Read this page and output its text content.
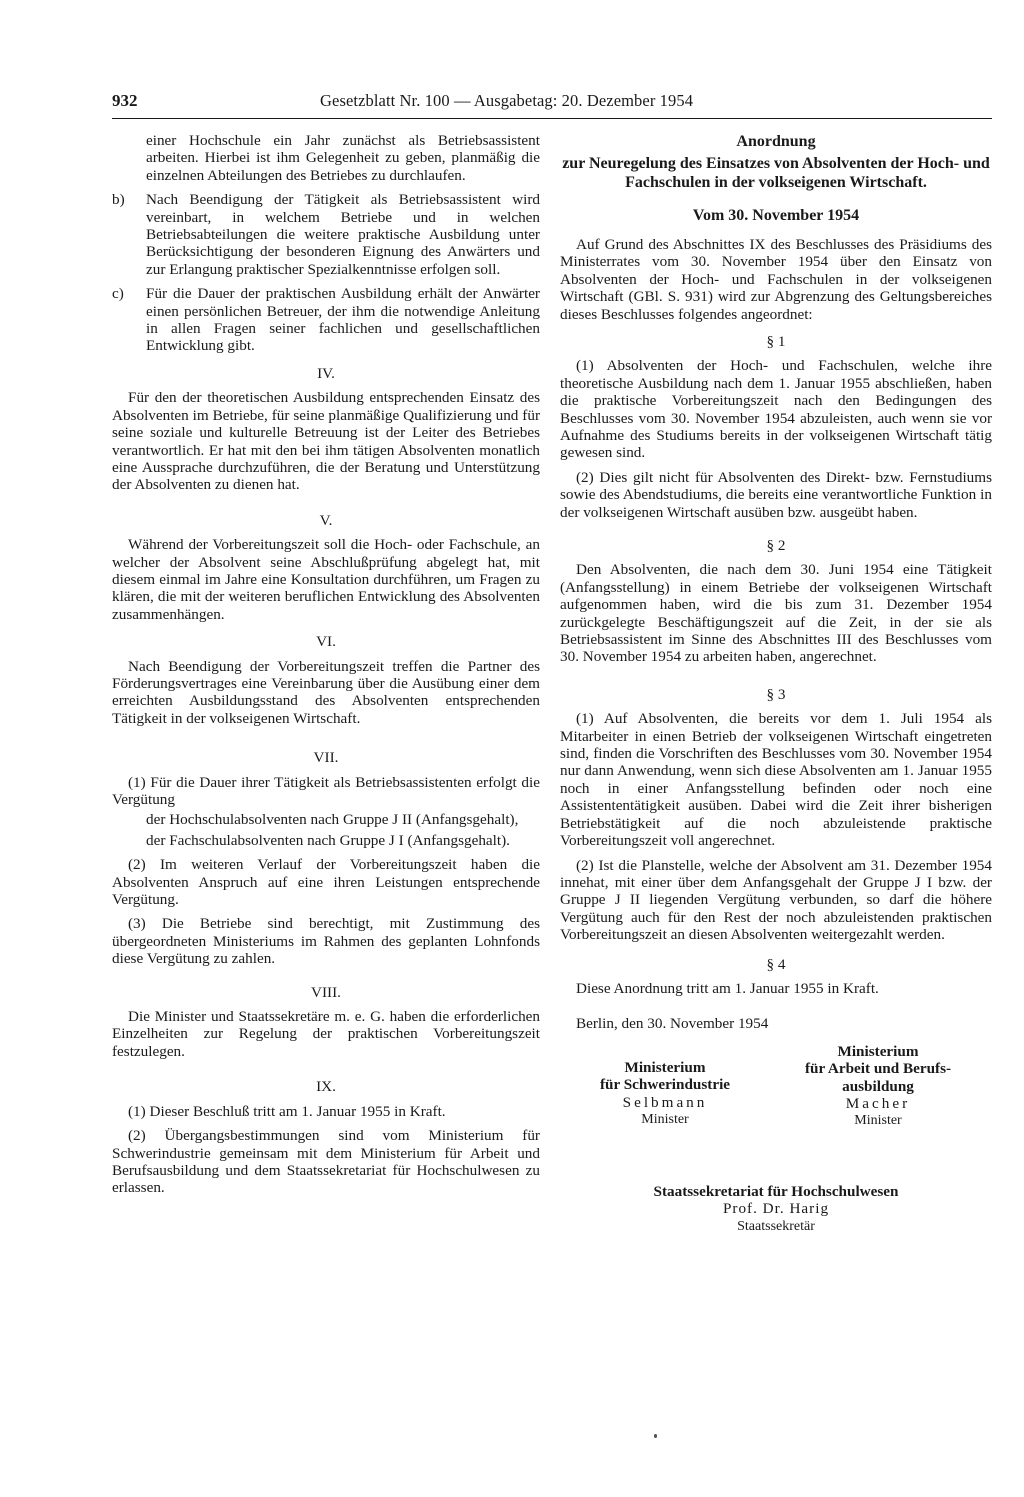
932	Gesetzblatt Nr. 100 — Ausgabetag: 20. Dezember 1954

einer Hochschule ein Jahr zunächst als Betriebsassistent arbeiten. Hierbei ist ihm Gelegenheit zu geben, planmäßig die einzelnen Abteilungen des Betriebes zu durchlaufen.

b)	Nach Beendigung der Tätigkeit als Betriebsassistent wird vereinbart, in welchem Betriebe und in welchen Betriebsabteilungen die weitere praktische Ausbildung unter Berücksichtigung der besonderen Eignung des Anwärters und zur Erlangung praktischer Spezialkenntnisse erfolgen soll.
c)	Für die Dauer der praktischen Ausbildung erhält der Anwärter einen persönlichen Betreuer, der ihm die notwendige Anleitung in allen Fragen seiner fachlichen und gesellschaftlichen Entwicklung gibt.
IV.

Für den der theoretischen Ausbildung entsprechenden Einsatz des Absolventen im Betriebe, für seine planmäßige Qualifizierung und für seine soziale und kulturelle Betreuung ist der Leiter des Betriebes verantwortlich. Er hat mit den bei ihm tätigen Absolventen monatlich eine Aussprache durchzuführen, die der Beratung und Unterstützung der Absolventen zu dienen hat.

V.

Während der Vorbereitungszeit soll die Hoch- oder Fachschule, an welcher der Absolvent seine Abschlußprüfung abgelegt hat, mit diesem einmal im Jahre eine Konsultation durchführen, um Fragen zu klären, die mit der weiteren beruflichen Entwicklung des Absolventen zusammenhängen.

VI.

Nach Beendigung der Vorbereitungszeit treffen die Partner des Förderungsvertrages eine Vereinbarung über die Ausübung einer dem erreichten Ausbildungsstand des Absolventen entsprechenden Tätigkeit in der volkseigenen Wirtschaft.

VII.

(1) Für die Dauer ihrer Tätigkeit als Betriebsassistenten erfolgt die Vergütung

der Hochschulabsolventen nach Gruppe J II (Anfangsgehalt),

der Fachschulabsolventen nach Gruppe J I (Anfangsgehalt).

(2) Im weiteren Verlauf der Vorbereitungszeit haben die Absolventen Anspruch auf eine ihren Leistungen entsprechende Vergütung.

(3) Die Betriebe sind berechtigt, mit Zustimmung des übergeordneten Ministeriums im Rahmen des geplanten Lohnfonds diese Vergütung zu zahlen.

VIII.

Die Minister und Staatssekretäre m. e. G. haben die erforderlichen Einzelheiten zur Regelung der praktischen Vorbereitungszeit festzulegen.

IX.

(1) Dieser Beschluß tritt am 1. Januar 1955 in Kraft.

(2) Übergangsbestimmungen sind vom Ministerium für Schwerindustrie gemeinsam mit dem Ministerium für Arbeit und Berufsausbildung und dem Staatssekretariat für Hochschulwesen zu erlassen.

Anordnung
zur Neuregelung des Einsatzes von Absolventen der Hoch- und Fachschulen in der volkseigenen Wirtschaft.
Vom 30. November 1954

Auf Grund des Abschnittes IX des Beschlusses des Präsidiums des Ministerrates vom 30. November 1954 über den Einsatz von Absolventen der Hoch- und Fachschulen in der volkseigenen Wirtschaft (GBl. S. 931) wird zur Abgrenzung des Geltungsbereiches dieses Beschlusses folgendes angeordnet:

§ 1

(1) Absolventen der Hoch- und Fachschulen, welche ihre theoretische Ausbildung nach dem 1. Januar 1955 abschließen, haben die praktische Vorbereitungszeit nach den Bedingungen des Beschlusses vom 30. November 1954 abzuleisten, auch wenn sie vor Aufnahme des Studiums bereits in der volkseigenen Wirtschaft tätig gewesen sind.

(2) Dies gilt nicht für Absolventen des Direkt- bzw. Fernstudiums sowie des Abendstudiums, die bereits eine verantwortliche Funktion in der volkseigenen Wirtschaft ausüben bzw. ausgeübt haben.

§ 2

Den Absolventen, die nach dem 30. Juni 1954 eine Tätigkeit (Anfangsstellung) in einem Betriebe der volkseigenen Wirtschaft aufgenommen haben, wird die bis zum 31. Dezember 1954 zurückgelegte Beschäftigungszeit auf die Zeit, in der sie als Betriebsassistent im Sinne des Abschnittes III des Beschlusses vom 30. November 1954 zu arbeiten haben, angerechnet.

§ 3

(1) Auf Absolventen, die bereits vor dem 1. Juli 1954 als Mitarbeiter in einen Betrieb der volkseigenen Wirtschaft eingetreten sind, finden die Vorschriften des Beschlusses vom 30. November 1954 nur dann Anwendung, wenn sich diese Absolventen am 1. Januar 1955 noch in einer Anfangsstellung befinden oder noch eine Assistententätigkeit ausüben. Dabei wird die Zeit ihrer bisherigen Betriebstätigkeit auf die noch abzuleistende praktische Vorbereitungszeit voll angerechnet.

(2) Ist die Planstelle, welche der Absolvent am 31. Dezember 1954 innehat, mit einer über dem Anfangsgehalt der Gruppe J I bzw. der Gruppe J II liegenden Vergütung verbunden, so darf die höhere Vergütung auch für den Rest der noch abzuleistenden praktischen Vorbereitungszeit an diesen Absolventen weitergezahlt werden.

§ 4

Diese Anordnung tritt am 1. Januar 1955 in Kraft.

Berlin, den 30. November 1954
Ministerium
für Schwerindustrie
Selbmann
Minister
Ministerium
für Arbeit und Berufs-
ausbildung
Macher
Minister
Staatssekretariat für Hochschulwesen
Prof. Dr. Harig
Staatssekretär
